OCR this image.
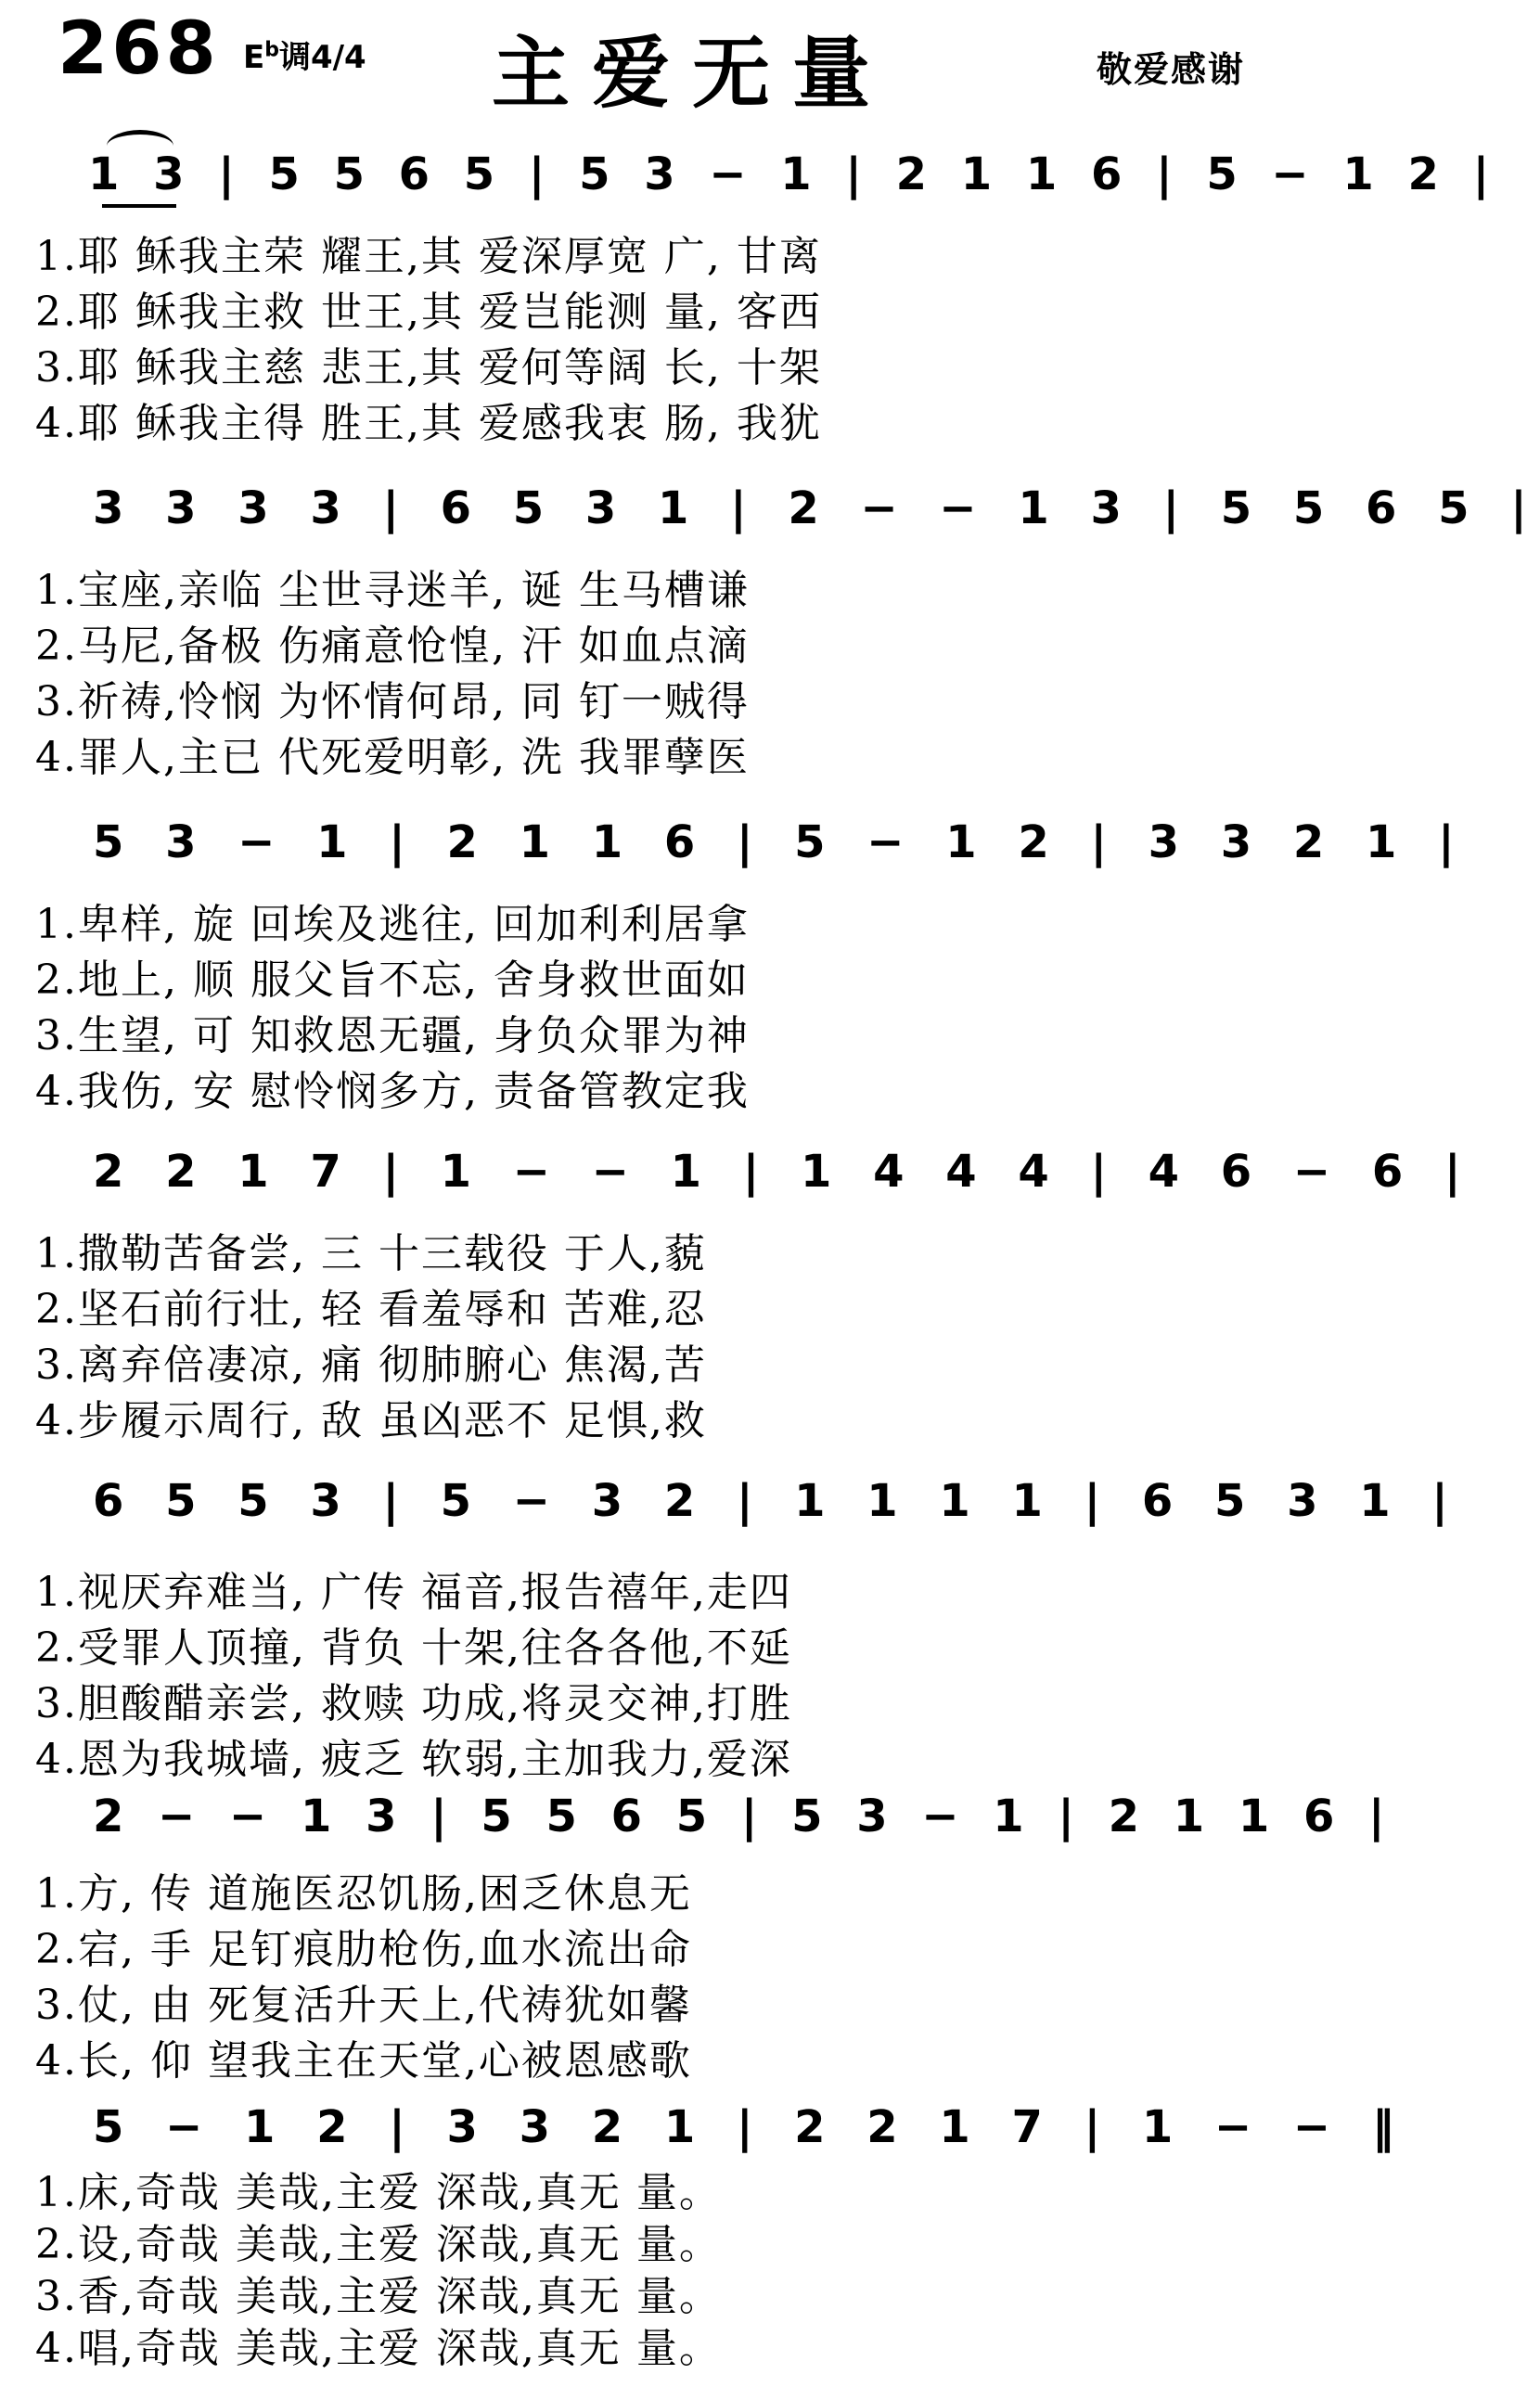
268 $E^b$调4/4 主爱无量	敬爱感谢
1 3 | 5 5 6 5 | 5 3 − 1 | 2 1 1 6 | 5 − 1 2 |
1.耶 稣我主荣 耀王,其 爱深厚宽 广, 甘离
2.耶 稣我主救 世王,其 爱岂能测 量, 客西
3.耶 稣我主慈 悲王,其 爱何等阔 长, 十架
4.耶 稣我主得 胜王,其 爱感我衷 肠, 我犹
3 3 3 3 | 6 5 3 1 | 2 − − 1 3 | 5 5 6 5 |
1.宝座,亲临 尘世寻迷羊, 诞 生马槽谦
2.马尼,备极 伤痛意怆惶, 汗 如血点滴
3.祈祷,怜悯 为怀情何昂, 同 钉一贼得
4.罪人,主已 代死爱明彰, 洗 我罪孽医
5 3 − 1 | 2 1 1 6 | 5 − 1 2 | 3 3 2 1 |
1.卑样, 旋 回埃及逃往, 回加利利居拿
2.地上, 顺 服父旨不忘, 舍身救世面如
3.生望, 可 知救恩无疆, 身负众罪为神
4.我伤, 安 慰怜悯多方, 责备管教定我
2 2 1 7 | 1 − − 1 | 1 4 4 4 | 4 6 − 6 |
1.撒勒苦备尝, 三 十三载役 于人,藐
2.坚石前行壮, 轻 看羞辱和 苦难,忍
3.离弃倍凄凉, 痛 彻肺腑心 焦渴,苦
4.步履示周行, 敌 虽凶恶不 足惧,救
6 5 5 3 | 5 − 3 2 | 1 1 1 1 | 6 5 3 1 |
1.视厌弃难当, 广传 福音,报告禧年,走四
2.受罪人顶撞, 背负 十架,往各各他,不延
3.胆酸醋亲尝, 救赎 功成,将灵交神,打胜
4.恩为我城墙, 疲乏 软弱,主加我力,爱深
2 − − 1 3 | 5 5 6 5 | 5 3 − 1 | 2 1 1 6 |
1.方, 传 道施医忍饥肠,困乏休息无
2.宕, 手 足钉痕肋枪伤,血水流出命
3.仗, 由 死复活升天上,代祷犹如馨
4.长, 仰 望我主在天堂,心被恩感歌
5 − 1 2 | 3 3 2 1 | 2 2 1 7 | 1 − − ‖
1.床,奇哉 美哉,主爱 深哉,真无 量。
2.设,奇哉 美哉,主爱 深哉,真无 量。
3.香,奇哉 美哉,主爱 深哉,真无 量。
4.唱,奇哉 美哉,主爱 深哉,真无 量。
